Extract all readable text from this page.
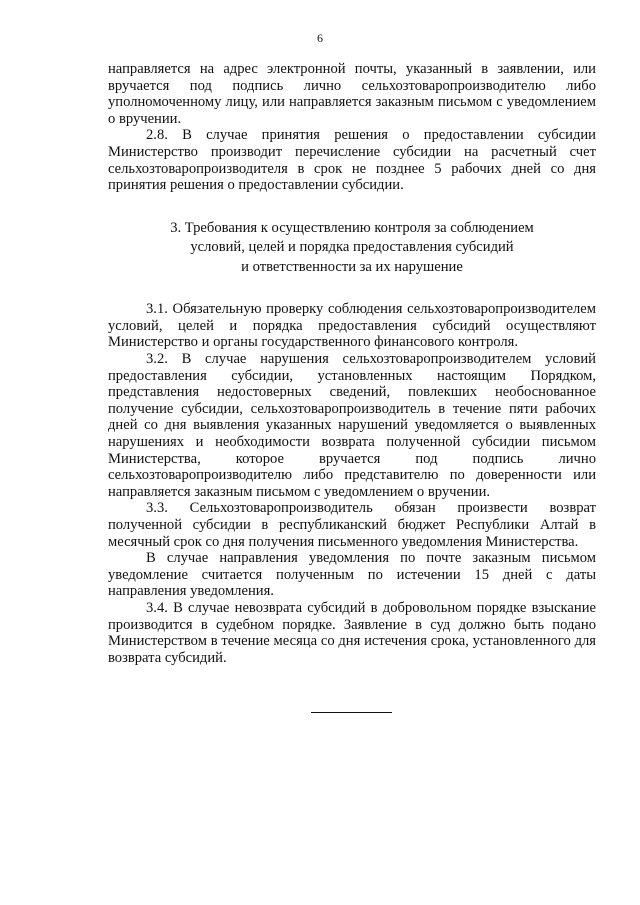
6

направляется на адрес электронной почты, указанный в заявлении, или вручается под подпись лично сельхозтоваропроизводителю либо уполномоченному лицу, или направляется заказным письмом с уведомлением о вручении.

2.8. В случае принятия решения о предоставлении субсидии Министерство производит перечисление субсидии на расчетный счет сельхозтоваропроизводителя в срок не позднее 5 рабочих дней со дня принятия решения о предоставлении субсидии.

3. Требования к осуществлению контроля за соблюдением
условий, целей и порядка предоставления субсидий
и ответственности за их нарушение

3.1. Обязательную проверку соблюдения сельхозтоваропроизводителем условий, целей и порядка предоставления субсидий осуществляют Министерство и органы государственного финансового контроля.

3.2. В случае нарушения сельхозтоваропроизводителем условий предоставления субсидии, установленных настоящим Порядком, представления недостоверных сведений, повлекших необоснованное получение субсидии, сельхозтоваропроизводитель в течение пяти рабочих дней со дня выявления указанных нарушений уведомляется о выявленных нарушениях и необходимости возврата полученной субсидии письмом Министерства, которое вручается под подпись лично сельхозтоваропроизводителю либо представителю по доверенности или направляется заказным письмом с уведомлением о вручении.

3.3. Сельхозтоваропроизводитель обязан произвести возврат полученной субсидии в республиканский бюджет Республики Алтай в месячный срок со дня получения письменного уведомления Министерства.

В случае направления уведомления по почте заказным письмом уведомление считается полученным по истечении 15 дней с даты направления уведомления.

3.4. В случае невозврата субсидий в добровольном порядке взыскание производится в судебном порядке. Заявление в суд должно быть подано Министерством в течение месяца со дня истечения срока, установленного для возврата субсидий.
